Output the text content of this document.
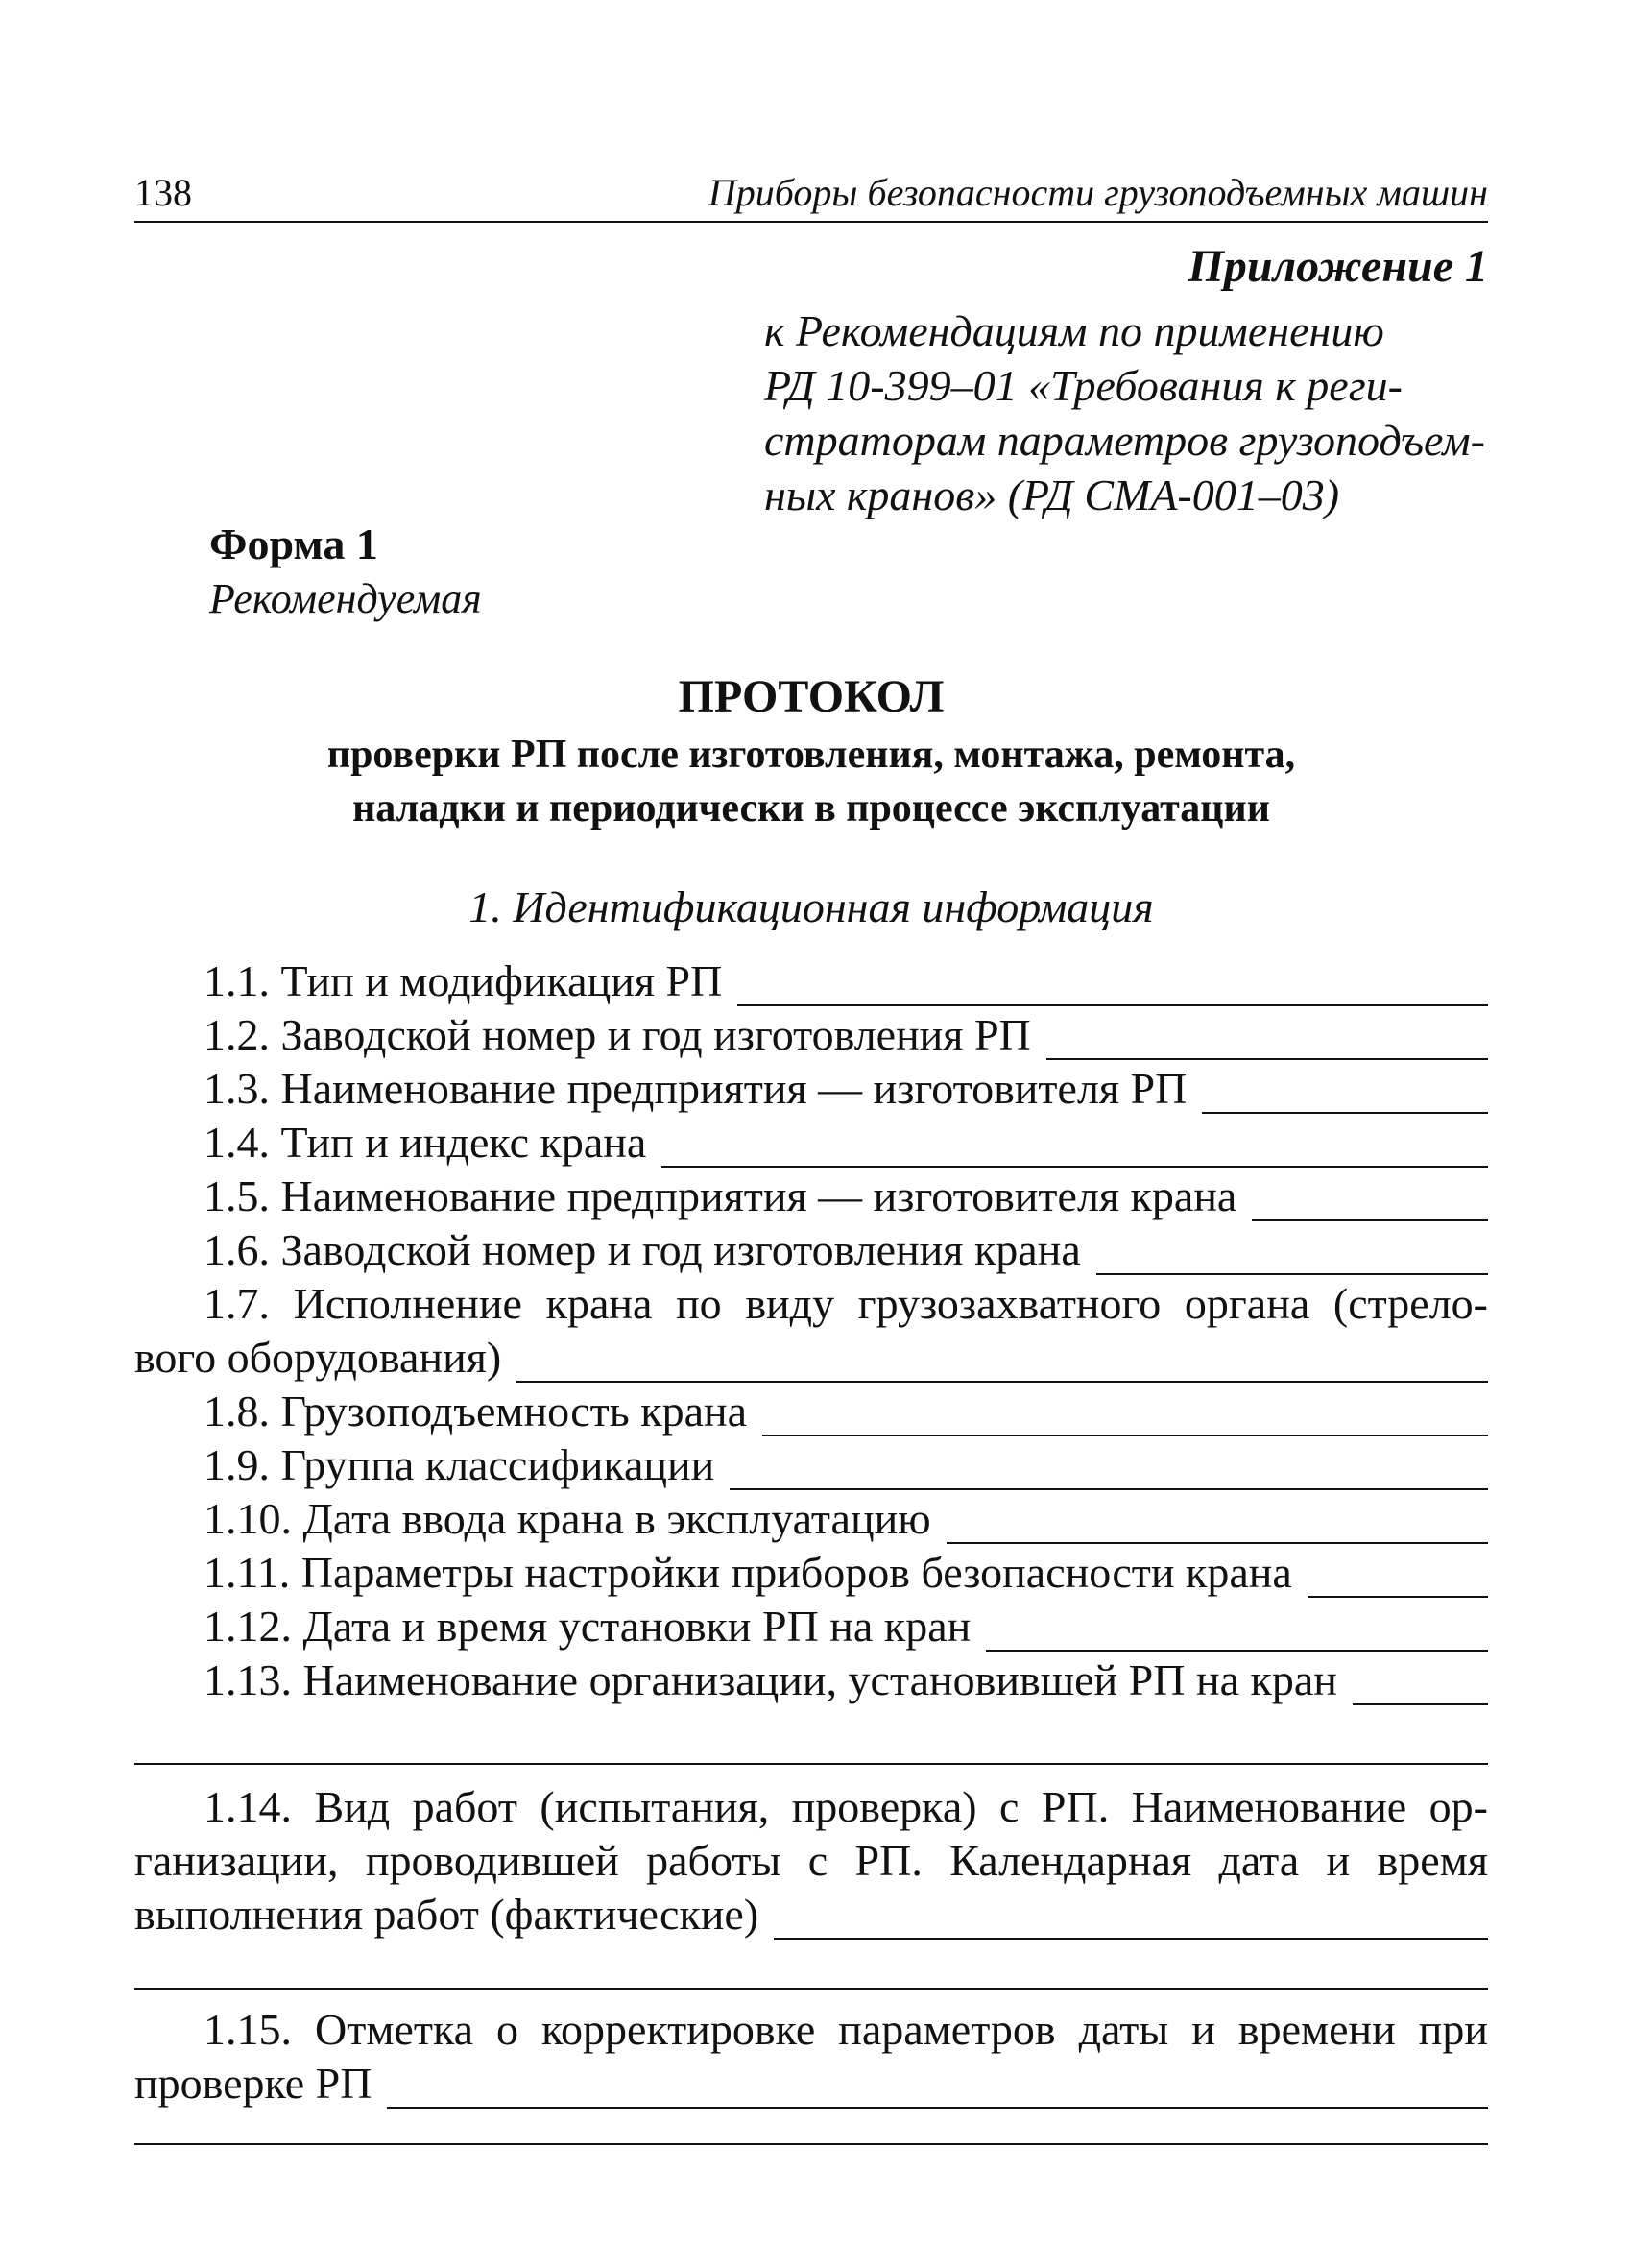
138	Приборы безопасности грузоподъемных машин
Приложение 1

к Рекомендациям по применению
РД 10-399–01 «Требования к реги-
страторам параметров грузоподъем-
ных кранов» (РД СМА-001–03)

Форма 1
Рекомендуемая
ПРОТОКОЛ
проверки РП после изготовления, монтажа, ремонта,
наладки и периодически в процессе эксплуатации
1. Идентификационная информация
1.1. Тип и модификация РП
1.2. Заводской номер и год изготовления РП
1.3. Наименование предприятия — изготовителя РП
1.4. Тип и индекс крана
1.5. Наименование предприятия — изготовителя крана
1.6. Заводской номер и год изготовления крана
1.7. Исполнение крана по виду грузозахватного органа (стрело-
вого оборудования)
1.8. Грузоподъемность крана
1.9. Группа классификации
1.10. Дата ввода крана в эксплуатацию
1.11. Параметры настройки приборов безопасности крана
1.12. Дата и время установки РП на кран
1.13. Наименование организации, установившей РП на кран
1.14. Вид работ (испытания, проверка) с РП. Наименование ор-
ганизации, проводившей работы с РП. Календарная дата и время
выполнения работ (фактические)
1.15. Отметка о корректировке параметров даты и времени при
проверке РП
